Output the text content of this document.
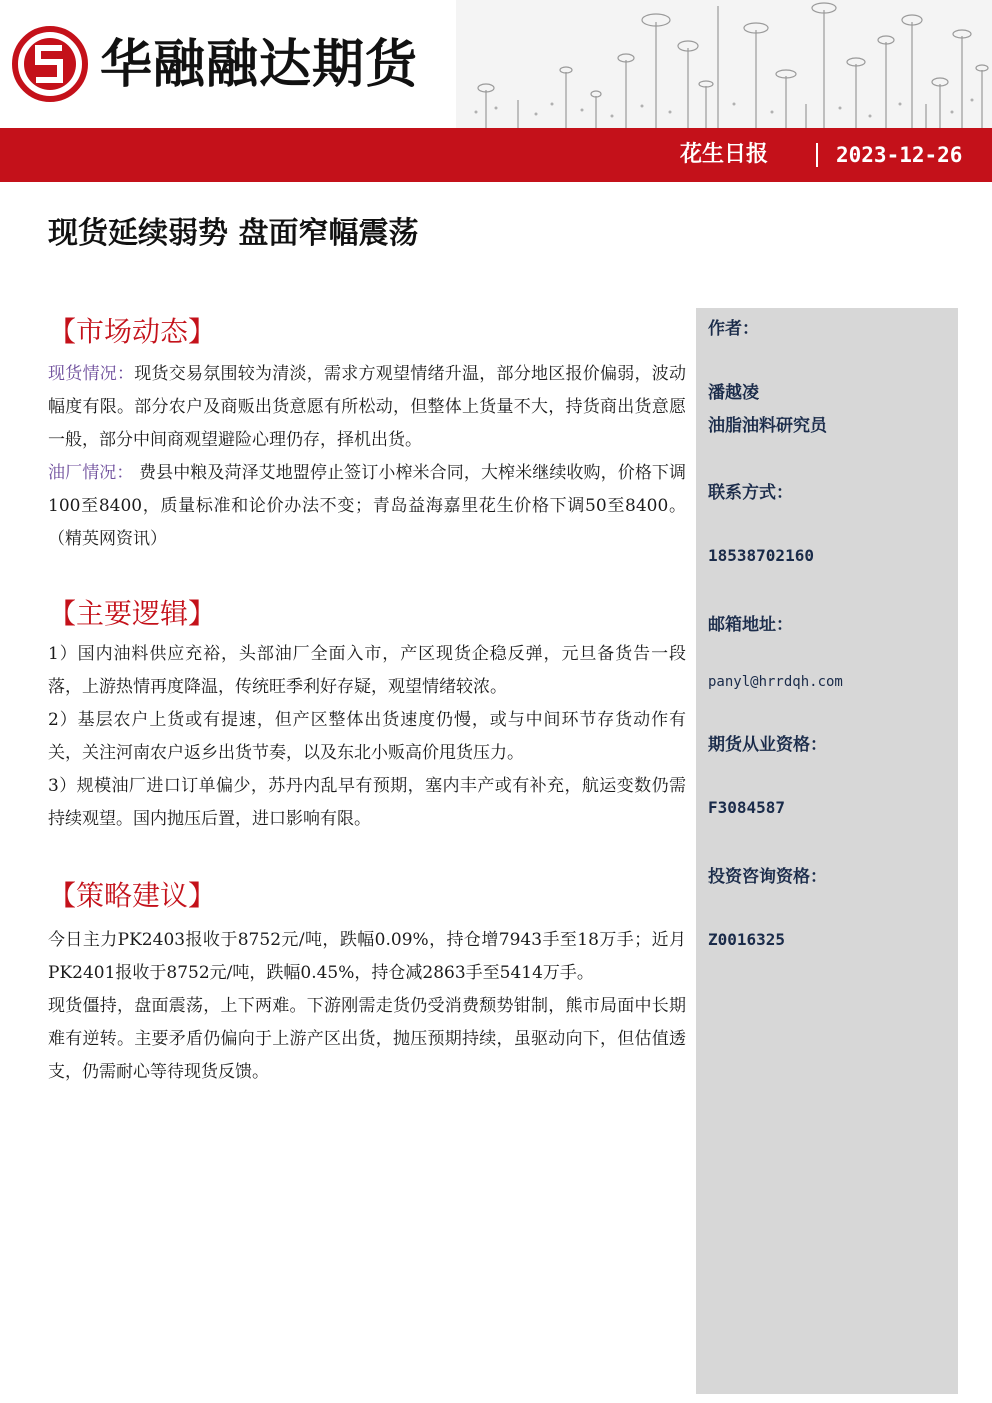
华融融达期货
花生日报	2023-12-26
现货延续弱势 盘面窄幅震荡
【市场动态】

现货情况：现货交易氛围较为清淡，需求方观望情绪升温，部分地区报价偏弱，波动幅度有限。部分农户及商贩出货意愿有所松动，但整体上货量不大，持货商出货意愿一般，部分中间商观望避险心理仍存，择机出货。

油厂情况： 费县中粮及菏泽艾地盟停止签订小榨米合同，大榨米继续收购，价格下调100至8400，质量标准和论价办法不变；青岛益海嘉里花生价格下调50至8400。（精英网资讯）

【主要逻辑】

1）国内油料供应充裕，头部油厂全面入市，产区现货企稳反弹，元旦备货告一段落，上游热情再度降温，传统旺季利好存疑，观望情绪较浓。

2）基层农户上货或有提速，但产区整体出货速度仍慢，或与中间环节存货动作有关，关注河南农户返乡出货节奏，以及东北小贩高价甩货压力。

3）规模油厂进口订单偏少，苏丹内乱早有预期，塞内丰产或有补充，航运变数仍需持续观望。国内抛压后置，进口影响有限。

【策略建议】

今日主力PK2403报收于8752元/吨，跌幅0.09%，持仓增7943手至18万手；近月PK2401报收于8752元/吨，跌幅0.45%，持仓减2863手至5414万手。

现货僵持，盘面震荡，上下两难。下游刚需走货仍受消费颓势钳制，熊市局面中长期难有逆转。主要矛盾仍偏向于上游产区出货，抛压预期持续，虽驱动向下，但估值透支，仍需耐心等待现货反馈。

作者：
潘越凌
油脂油料研究员
联系方式：
18538702160
邮箱地址：
panyl@hrrdqh.com
期货从业资格：
F3084587
投资咨询资格：
Z0016325
